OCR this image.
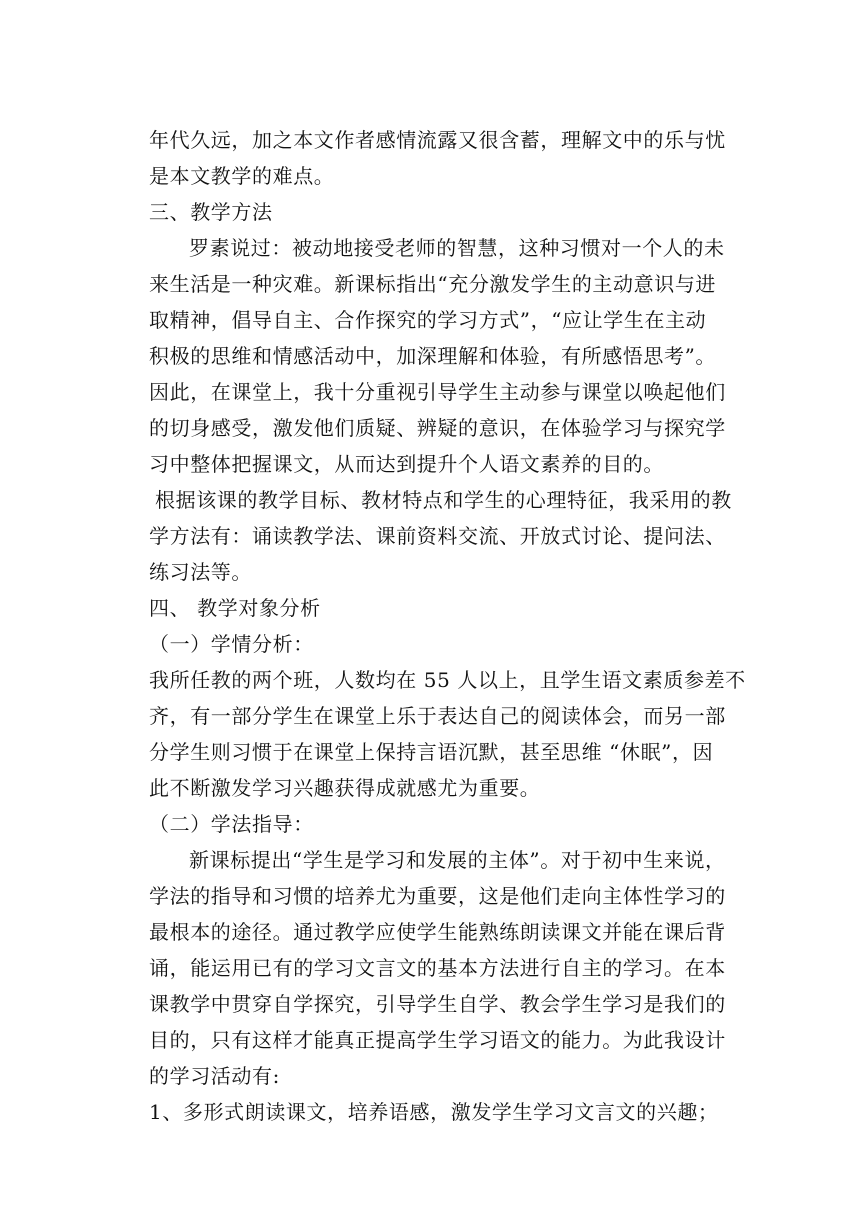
年代久远，加之本文作者感情流露又很含蓄，理解文中的乐与忧
是本文教学的难点。
三、教学方法
罗素说过：被动地接受老师的智慧，这种习惯对一个人的未
来生活是一种灾难。新课标指出“充分激发学生的主动意识与进
取精神，倡导自主、合作探究的学习方式”，“应让学生在主动
积极的思维和情感活动中，加深理解和体验，有所感悟思考”。
因此，在课堂上，我十分重视引导学生主动参与课堂以唤起他们
的切身感受，激发他们质疑、辨疑的意识，在体验学习与探究学
习中整体把握课文，从而达到提升个人语文素养的目的。
根据该课的教学目标、教材特点和学生的心理特征，我采用的教
学方法有：诵读教学法、课前资料交流、开放式讨论、提问法、
练习法等。
四、 教学对象分析
（一）学情分析：
我所任教的两个班，人数均在 55 人以上，且学生语文素质参差不
齐，有一部分学生在课堂上乐于表达自己的阅读体会，而另一部
分学生则习惯于在课堂上保持言语沉默，甚至思维 “休眠”，因
此不断激发学习兴趣获得成就感尤为重要。
（二）学法指导：
新课标提出“学生是学习和发展的主体”。对于初中生来说，
学法的指导和习惯的培养尤为重要，这是他们走向主体性学习的
最根本的途径。通过教学应使学生能熟练朗读课文并能在课后背
诵，能运用已有的学习文言文的基本方法进行自主的学习。在本
课教学中贯穿自学探究，引导学生自学、教会学生学习是我们的
目的，只有这样才能真正提高学生学习语文的能力。为此我设计
的学习活动有:
1、多形式朗读课文，培养语感，激发学生学习文言文的兴趣；
